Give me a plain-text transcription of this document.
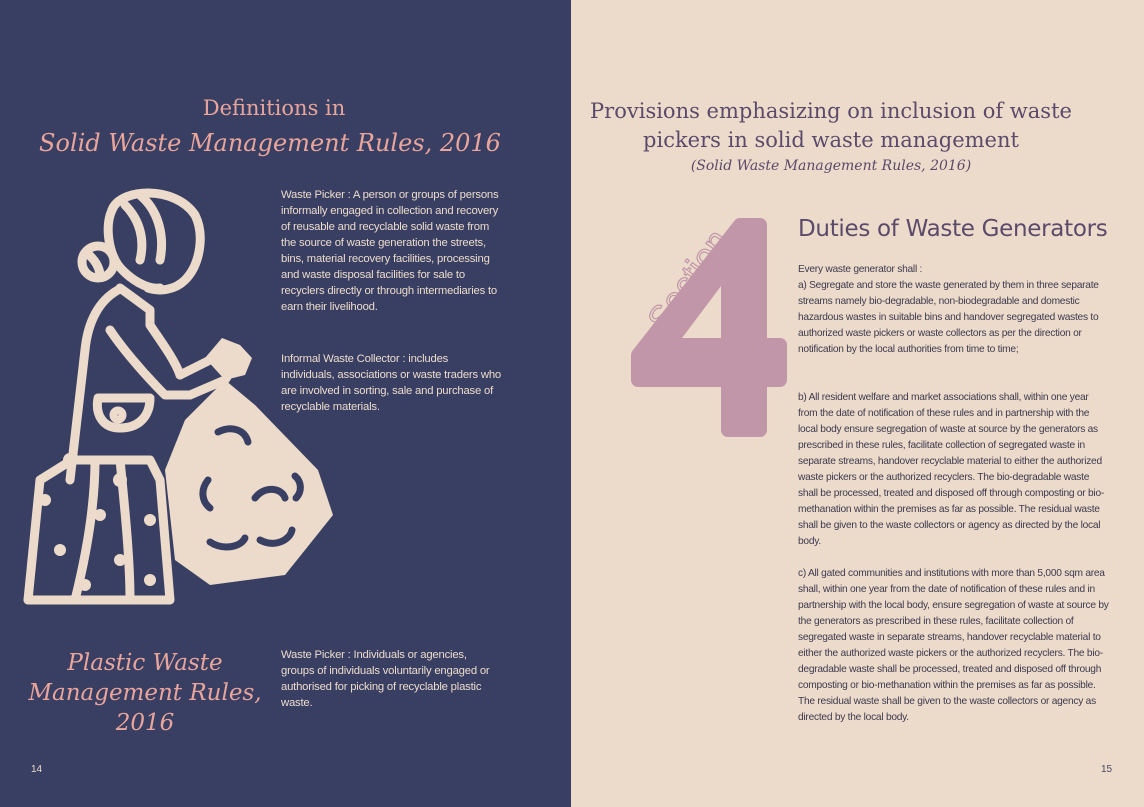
Definitions in
Solid Waste Management Rules, 2016
Waste Picker : A person or groups of persons informally engaged in collection and recovery of reusable and recyclable solid waste from the source of waste generation the streets, bins, material recovery facilities, processing and waste disposal facilities for sale to recyclers directly or through intermediaries to earn their livelihood.
Informal Waste Collector : includes individuals, associations or waste traders who are involved in sorting, sale and purchase of recyclable materials.
Plastic Waste Management Rules, 2016
Waste Picker : Individuals or agencies, groups of individuals voluntarily engaged or authorised for picking of recyclable plastic waste.
14
Provisions emphasizing on inclusion of waste pickers in solid waste management
(Solid Waste Management Rules, 2016)
Section
4
Duties of Waste Generators
Every waste generator shall :
a) Segregate and store the waste generated by them in three separate streams namely bio-degradable, non-biodegradable and domestic hazardous wastes in suitable bins and handover segregated wastes to authorized waste pickers or waste collectors as per the direction or notification by the local authorities from time to time;
b) All resident welfare and market associations shall, within one year from the date of notification of these rules and in partnership with the local body ensure segregation of waste at source by the generators as prescribed in these rules, facilitate collection of segregated waste in separate streams, handover recyclable material to either the authorized waste pickers or the authorized recyclers. The bio-degradable waste shall be processed, treated and disposed off through composting or bio-methanation within the premises as far as possible. The residual waste shall be given to the waste collectors or agency as directed by the local body.
c) All gated communities and institutions with more than 5,000 sqm area shall, within one year from the date of notification of these rules and in partnership with the local body, ensure segregation of waste at source by the generators as prescribed in these rules, facilitate collection of segregated waste in separate streams, handover recyclable material to either the authorized waste pickers or the authorized recyclers. The bio-degradable waste shall be processed, treated and disposed off through composting or bio-methanation within the premises as far as possible. The residual waste shall be given to the waste collectors or agency as directed by the local body.
15
